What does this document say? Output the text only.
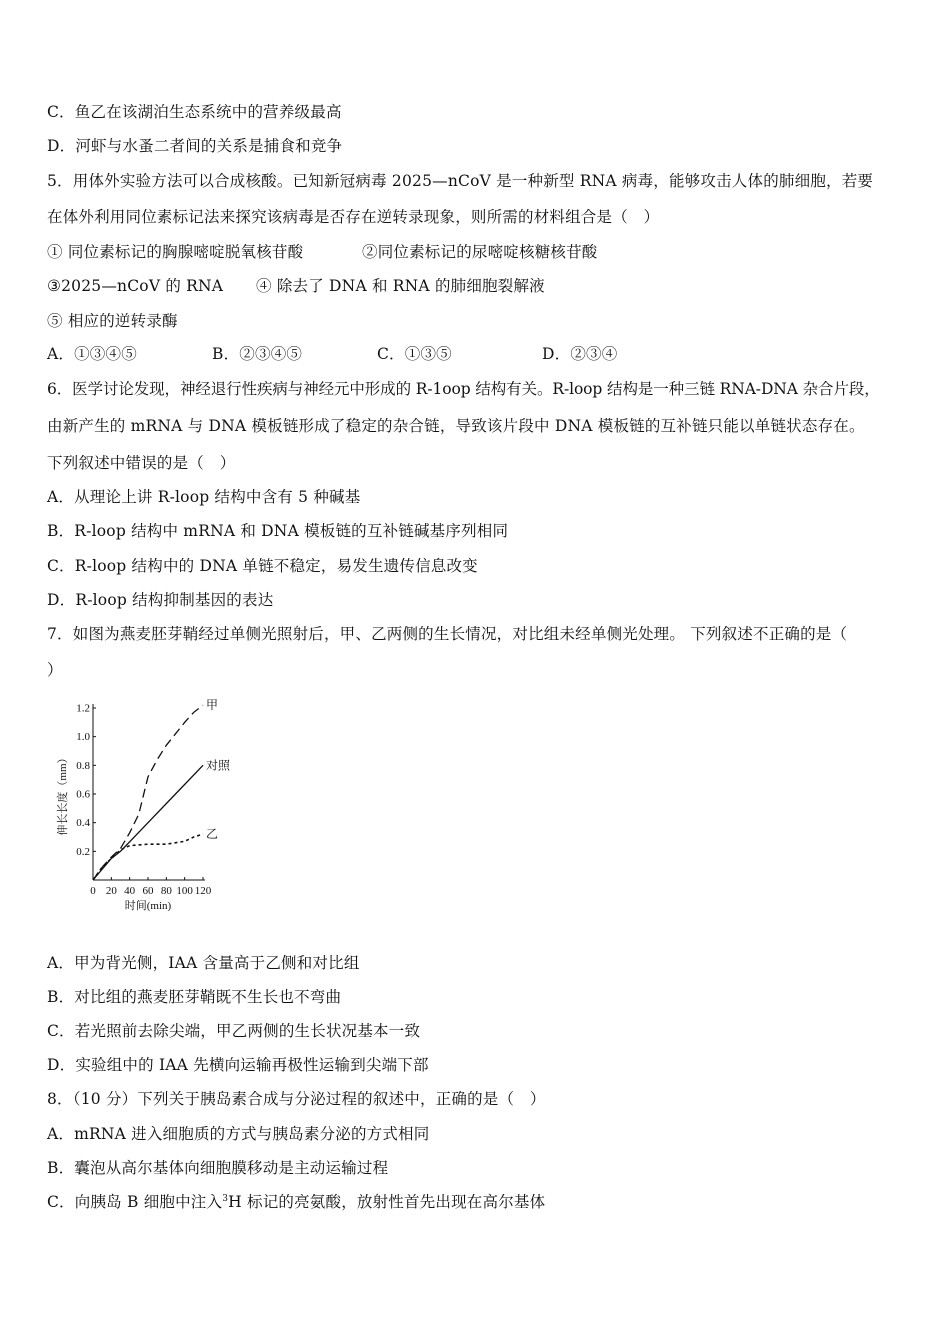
C．鱼乙在该湖泊生态系统中的营养级最高
D．河虾与水蚤二者间的关系是捕食和竞争
5．用体外实验方法可以合成核酸。已知新冠病毒 2025—nCoV 是一种新型 RNA 病毒，能够攻击人体的肺细胞，若要
在体外利用同位素标记法来探究该病毒是否存在逆转录现象，则所需的材料组合是（　）
① 同位素标记的胸腺嘧啶脱氧核苷酸	②同位素标记的尿嘧啶核糖核苷酸
③2025—nCoV 的 RNA ④ 除去了 DNA 和 RNA 的肺细胞裂解液
⑤ 相应的逆转录酶
A．①③④⑤	B．②③④⑤	C．①③⑤	D．②③④
6．医学讨论发现，神经退行性疾病与神经元中形成的 R-1oop 结构有关。R-loop 结构是一种三链 RNA-DNA 杂合片段，
由新产生的 mRNA 与 DNA 模板链形成了稳定的杂合链，导致该片段中 DNA 模板链的互补链只能以单链状态存在。
下列叙述中错误的是（　）
A．从理论上讲 R-loop 结构中含有 5 种碱基
B．R-loop 结构中 mRNA 和 DNA 模板链的互补链碱基序列相同
C．R-loop 结构中的 DNA 单链不稳定，易发生遗传信息改变
D．R-loop 结构抑制基因的表达
7．如图为燕麦胚芽鞘经过单侧光照射后，甲、乙两侧的生长情况，对比组未经单侧光处理。 下列叙述不正确的是（
）
0.2
0.4
0.6
0.8
1.0
1.2
0 20 40 60 80 100 120
时间(min)
伸长长度（mm）
甲
对照
乙
A．甲为背光侧，IAA 含量高于乙侧和对比组
B．对比组的燕麦胚芽鞘既不生长也不弯曲
C．若光照前去除尖端，甲乙两侧的生长状况基本一致
D．实验组中的 IAA 先横向运输再极性运输到尖端下部
8．（10 分）下列关于胰岛素合成与分泌过程的叙述中，正确的是（　）
A．mRNA 进入细胞质的方式与胰岛素分泌的方式相同
B．囊泡从高尔基体向细胞膜移动是主动运输过程
C．向胰岛 B 细胞中注入$^3$H 标记的亮氨酸，放射性首先出现在高尔基体
